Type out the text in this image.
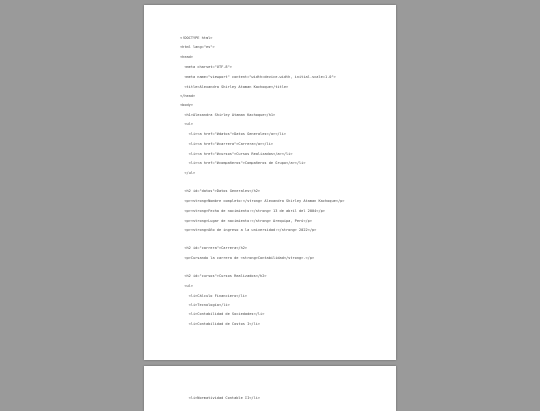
<!DOCTYPE html>
<html lang="es">
<head>
<meta charset="UTF-8">
<meta name="viewport" content="width=device-width, initial-scale=1.0">
<title>Alexandra Shirley Ataman Kachoque</title>
</head>
<body>
<h1>Alexandra Shirley Ataman Kachoque</h1>
<ul>
<li><a href="#datos">Datos Generales</a></li>
<li><a href="#carrera">Carrera</a></li>
<li><a href="#cursos">Cursos Realizados</a></li>
<li><a href="#compañeros">Compañeros de Grupo</a></li>
</ul>
<h2 id="datos">Datos Generales</h2>
<p><strong>Nombre completo:</strong> Alexandra Shirley Ataman Kachoque</p>
<p><strong>Fecha de nacimiento:</strong> 13 de abril del 2004</p>
<p><strong>Lugar de nacimiento:</strong> Arequipa, Perú</p>
<p><strong>Año de ingreso a la universidad:</strong> 2022</p>
<h2 id="carrera">Carrera</h2>
<p>Cursando la carrera de <strong>Contabilidad</strong>.</p>
<h2 id="cursos">Cursos Realizados</h2>
<ul>
<li>Cálculo Financiero</li>
<li>Tecnología</li>
<li>Contabilidad de Sociedades</li>
<li>Contabilidad de Costos I</li>
<li>Normatividad Contable II</li>
